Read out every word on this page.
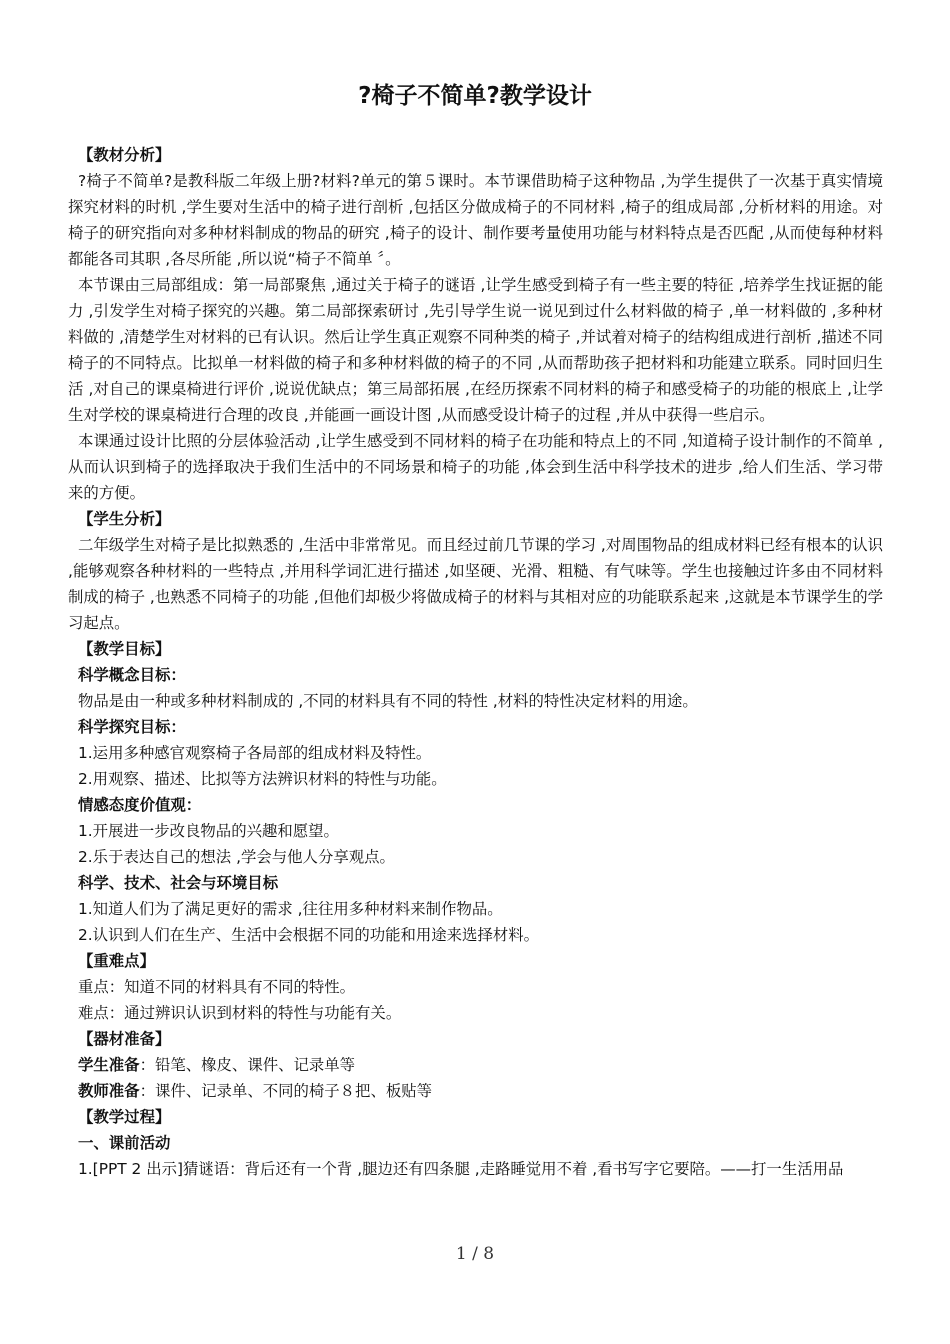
?椅子不简单?教学设计

【教材分析】

?椅子不简单?是教科版二年级上册?材料?单元的第５课时。本节课借助椅子这种物品 ,为学生提供了一次基于真实情境探究材料的时机 ,学生要对生活中的椅子进行剖析 ,包括区分做成椅子的不同材料 ,椅子的组成局部 ,分析材料的用途。对椅子的研究指向对多种材料制成的物品的研究 ,椅子的设计、制作要考量使用功能与材料特点是否匹配 ,从而使每种材料都能各司其职 ,各尽所能 ,所以说“椅子不简单 〞。

本节课由三局部组成：第一局部聚焦 ,通过关于椅子的谜语 ,让学生感受到椅子有一些主要的特征 ,培养学生找证据的能力 ,引发学生对椅子探究的兴趣。第二局部探索研讨 ,先引导学生说一说见到过什么材料做的椅子 ,单一材料做的 ,多种材料做的 ,清楚学生对材料的已有认识。然后让学生真正观察不同种类的椅子 ,并试着对椅子的结构组成进行剖析 ,描述不同椅子的不同特点。比拟单一材料做的椅子和多种材料做的椅子的不同 ,从而帮助孩子把材料和功能建立联系。同时回归生活 ,对自己的课桌椅进行评价 ,说说优缺点；第三局部拓展 ,在经历探索不同材料的椅子和感受椅子的功能的根底上 ,让学生对学校的课桌椅进行合理的改良 ,并能画一画设计图 ,从而感受设计椅子的过程 ,并从中获得一些启示。

本课通过设计比照的分层体验活动 ,让学生感受到不同材料的椅子在功能和特点上的不同 ,知道椅子设计制作的不简单 ,从而认识到椅子的选择取决于我们生活中的不同场景和椅子的功能 ,体会到生活中科学技术的进步 ,给人们生活、学习带来的方便。

【学生分析】

二年级学生对椅子是比拟熟悉的 ,生活中非常常见。而且经过前几节课的学习 ,对周围物品的组成材料已经有根本的认识 ,能够观察各种材料的一些特点 ,并用科学词汇进行描述 ,如坚硬、光滑、粗糙、有气味等。学生也接触过许多由不同材料制成的椅子 ,也熟悉不同椅子的功能 ,但他们却极少将做成椅子的材料与其相对应的功能联系起来 ,这就是本节课学生的学习起点。

【教学目标】

科学概念目标：

物品是由一种或多种材料制成的 ,不同的材料具有不同的特性 ,材料的特性决定材料的用途。

科学探究目标：

1.运用多种感官观察椅子各局部的组成材料及特性。

2.用观察、描述、比拟等方法辨识材料的特性与功能。

情感态度价值观：

1.开展进一步改良物品的兴趣和愿望。

2.乐于表达自己的想法 ,学会与他人分享观点。

科学、技术、社会与环境目标

1.知道人们为了满足更好的需求 ,往往用多种材料来制作物品。

2.认识到人们在生产、生活中会根据不同的功能和用途来选择材料。

【重难点】

重点：知道不同的材料具有不同的特性。

难点：通过辨识认识到材料的特性与功能有关。

【器材准备】

学生准备：铅笔、橡皮、课件、记录单等

教师准备：课件、记录单、不同的椅子８把、板贴等

【教学过程】

一、课前活动

1.[PPT 2 出示]猜谜语：背后还有一个背 ,腿边还有四条腿 ,走路睡觉用不着 ,看书写字它要陪。——打一生活用品

1 / 8
